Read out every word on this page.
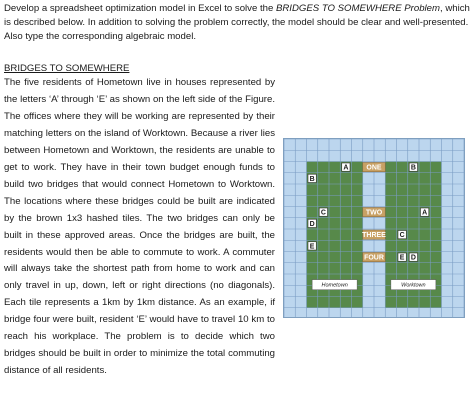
Develop a spreadsheet optimization model in Excel to solve the BRIDGES TO SOMEWHERE Problem, which is described below. In addition to solving the problem correctly, the model should be clear and well-presented. Also type the corresponding algebraic model.
BRIDGES TO SOMEWHERE

The five residents of Hometown live in houses represented by the letters ‘A’ through ‘E’ as shown on the left side of the Figure. The offices where they will be working are represented by their matching letters on the island of Worktown. Because a river lies between Hometown and Worktown, the residents are unable to get to work. They have in their town budget enough funds to build two bridges that would connect Hometown to Worktown. The locations where these bridges could be built are indicated by the brown 1x3 hashed tiles. The two bridges can only be built in these approved areas. Once the bridges are built, the residents would then be able to commute to work. A commuter will always take the shortest path from home to work and can only travel in up, down, left or right directions (no diagonals). Each tile represents a 1km by 1km distance. As an example, if bridge four were built, resident ‘E’ would have to travel 10 km to reach his workplace. The problem is to decide which two bridges should be built in order to minimize the total commuting distance of all residents.

ONE
TWO
THREE
FOUR
A
B
C
D
E
A
B
C
D
E
Hometown	Worktown
